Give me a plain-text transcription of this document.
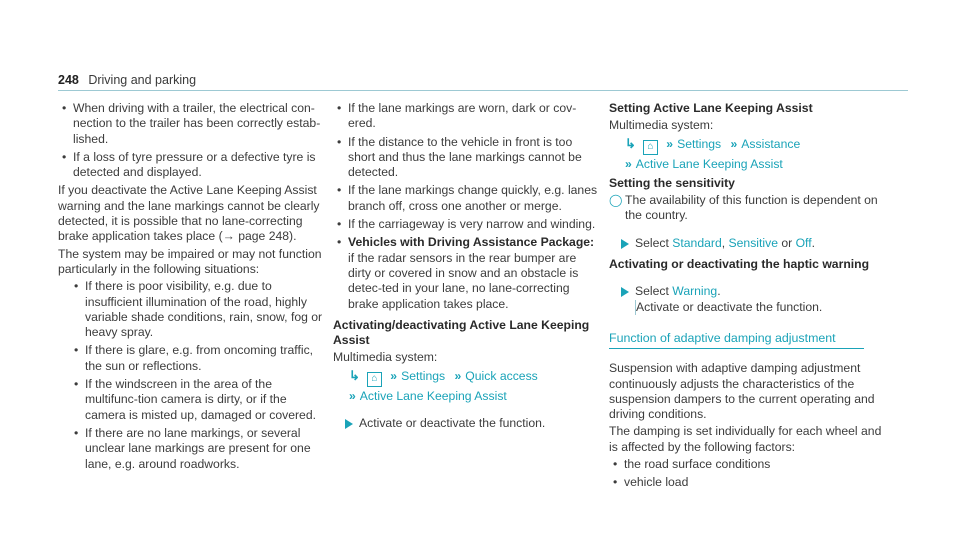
248 Driving and parking
• When driving with a trailer, the electrical con-nection to the trailer has been correctly estab-lished.
• If a loss of tyre pressure or a defective tyre is detected and displayed.

If you deactivate the Active Lane Keeping Assist warning and the lane markings cannot be clearly detected, it is possible that no lane-correcting brake application takes place (→ page 248).

The system may be impaired or may not function particularly in the following situations:

• If there is poor visibility, e.g. due to insufficient illumination of the road, highly variable shade conditions, rain, snow, fog or heavy spray.
• If there is glare, e.g. from oncoming traffic, the sun or reflections.
• If the windscreen in the area of the multifunc-tion camera is dirty, or if the camera is misted up, damaged or covered.
• If there are no lane markings, or several unclear lane markings are present for one lane, e.g. around roadworks.
• If the lane markings are worn, dark or cov-ered.
• If the distance to the vehicle in front is too short and thus the lane markings cannot be detected.
• If the lane markings change quickly, e.g. lanes branch off, cross one another or merge.
• If the carriageway is very narrow and winding.
• Vehicles with Driving Assistance Package: if the radar sensors in the rear bumper are dirty or covered in snow and an obstacle is detec-ted in your lane, no lane-correcting brake application takes place.

Activating/deactivating Active Lane Keeping Assist

Multimedia system:

↳ ⌂ » Settings » Quick access
» Active Lane Keeping Assist
Activate or deactivate the function.

Setting Active Lane Keeping Assist

Multimedia system:

↳ ⌂ » Settings » Assistance
» Active Lane Keeping Assist

Setting the sensitivity

◯ The availability of this function is dependent on the country.
Select Standard, Sensitive or Off.

Activating or deactivating the haptic warning

Select Warning.
Activate or deactivate the function.
Function of adaptive damping adjustment

Suspension with adaptive damping adjustment continuously adjusts the characteristics of the suspension dampers to the current operating and driving conditions.

The damping is set individually for each wheel and is affected by the following factors:

• the road surface conditions
• vehicle load
